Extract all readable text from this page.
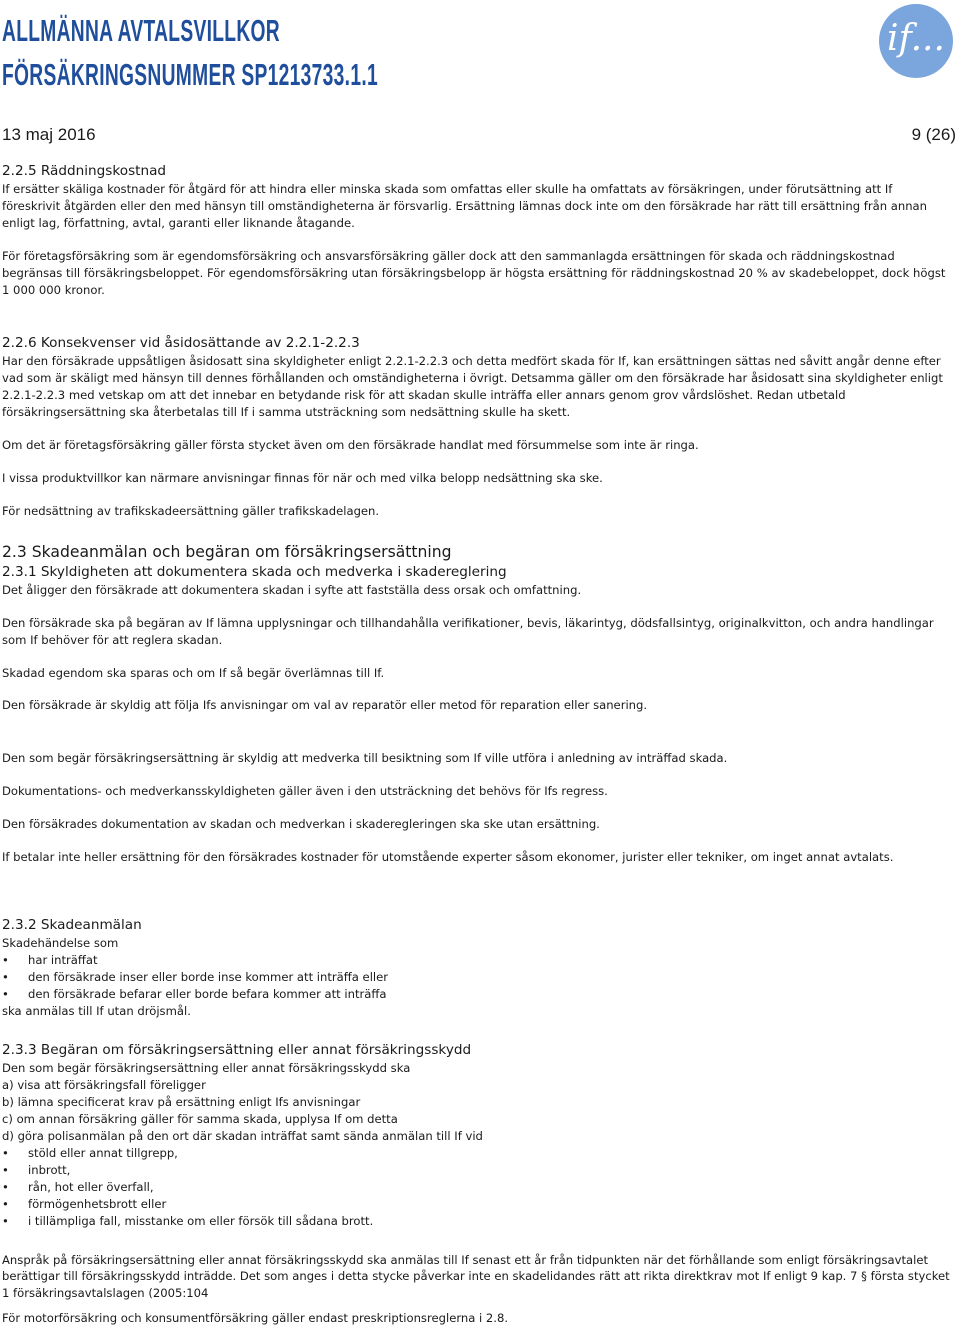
ALLMÄNNA AVTALSVILLKOR
FÖRSÄKRINGSNUMMER SP1213733.1.1
if...
13 maj 2016	9 (26)
2.2.5 Räddningskostnad

If ersätter skäliga kostnader för åtgärd för att hindra eller minska skada som omfattas eller skulle ha omfattats av försäkringen, under förutsättning att If föreskrivit åtgärden eller den med hänsyn till omständigheterna är försvarlig. Ersättning lämnas dock inte om den försäkrade har rätt till ersättning från annan enligt lag, författning, avtal, garanti eller liknande åtagande.

För företagsförsäkring som är egendomsförsäkring och ansvarsförsäkring gäller dock att den sammanlagda ersättningen för skada och räddningskostnad begränsas till försäkringsbeloppet. För egendomsförsäkring utan försäkringsbelopp är högsta ersättning för räddningskostnad 20 % av skadebeloppet, dock högst 1 000 000 kronor.

2.2.6 Konsekvenser vid åsidosättande av 2.2.1-2.2.3

Har den försäkrade uppsåtligen åsidosatt sina skyldigheter enligt 2.2.1-2.2.3 och detta medfört skada för If, kan ersättningen sättas ned såvitt angår denne efter vad som är skäligt med hänsyn till dennes förhållanden och omständigheterna i övrigt. Detsamma gäller om den försäkrade har åsidosatt sina skyldigheter enligt 2.2.1-2.2.3 med vetskap om att det innebar en betydande risk för att skadan skulle inträffa eller annars genom grov vårdslöshet. Redan utbetald försäkringsersättning ska återbetalas till If i samma utsträckning som nedsättning skulle ha skett.

Om det är företagsförsäkring gäller första stycket även om den försäkrade handlat med försummelse som inte är ringa.

I vissa produktvillkor kan närmare anvisningar finnas för när och med vilka belopp nedsättning ska ske.

För nedsättning av trafikskadeersättning gäller trafikskadelagen.

2.3 Skadeanmälan och begäran om försäkringsersättning
2.3.1 Skyldigheten att dokumentera skada och medverka i skadereglering

Det åligger den försäkrade att dokumentera skadan i syfte att fastställa dess orsak och omfattning.

Den försäkrade ska på begäran av If lämna upplysningar och tillhandahålla verifikationer, bevis, läkarintyg, dödsfallsintyg, originalkvitton, och andra handlingar som If behöver för att reglera skadan.

Skadad egendom ska sparas och om If så begär överlämnas till If.

Den försäkrade är skyldig att följa Ifs anvisningar om val av reparatör eller metod för reparation eller sanering.

Den som begär försäkringsersättning är skyldig att medverka till besiktning som If ville utföra i anledning av inträffad skada.

Dokumentations- och medverkansskyldigheten gäller även i den utsträckning det behövs för Ifs regress.

Den försäkrades dokumentation av skadan och medverkan i skaderegleringen ska ske utan ersättning.

If betalar inte heller ersättning för den försäkrades kostnader för utomstående experter såsom ekonomer, jurister eller tekniker, om inget annat avtalats.

2.3.2 Skadeanmälan

Skadehändelse som

• har inträffat
• den försäkrade inser eller borde inse kommer att inträffa eller
• den försäkrade befarar eller borde befara kommer att inträffa

ska anmälas till If utan dröjsmål.

2.3.3 Begäran om försäkringsersättning eller annat försäkringsskydd

Den som begär försäkringsersättning eller annat försäkringsskydd ska

a) visa att försäkringsfall föreligger

b) lämna specificerat krav på ersättning enligt Ifs anvisningar

c) om annan försäkring gäller för samma skada, upplysa If om detta

d) göra polisanmälan på den ort där skadan inträffat samt sända anmälan till If vid

• stöld eller annat tillgrepp,
• inbrott,
• rån, hot eller överfall,
• förmögenhetsbrott eller
• i tillämpliga fall, misstanke om eller försök till sådana brott.

Anspråk på försäkringsersättning eller annat försäkringsskydd ska anmälas till If senast ett år från tidpunkten när det förhållande som enligt försäkringsavtalet berättigar till försäkringsskydd inträdde. Det som anges i detta stycke påverkar inte en skadelidandes rätt att rikta direktkrav mot If enligt 9 kap. 7 § första stycket 1 försäkringsavtalslagen (2005:104

För motorförsäkring och konsumentförsäkring gäller endast preskriptionsreglerna i 2.8.
